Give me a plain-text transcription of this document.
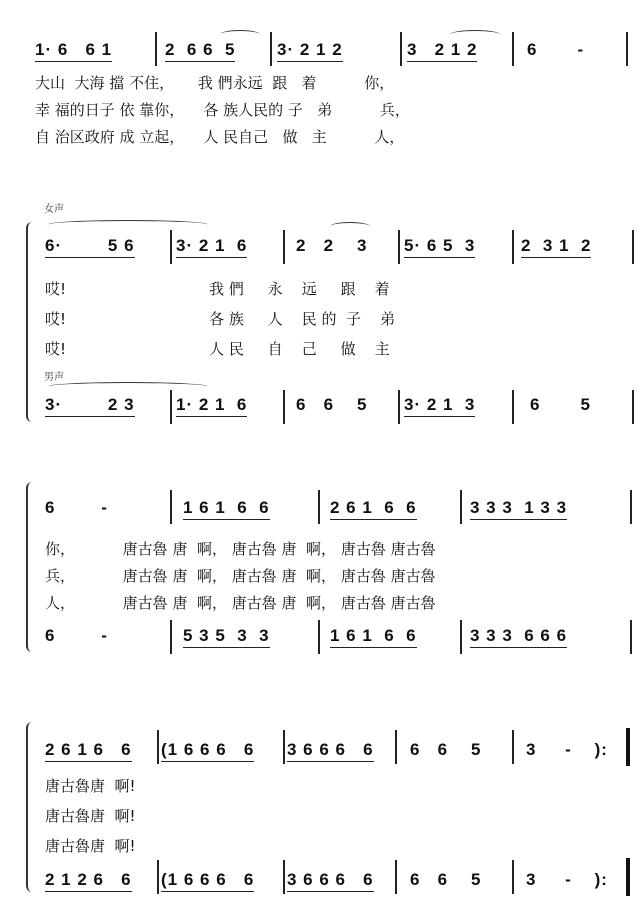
1· 6   6 1	2  6 6  5 3· 2 1 2	3   2 1 2	6       -
大山  大海 擋 不住，     我 們永远  跟   着          你，
幸 福的日子 依 靠你，    各 族人民的 子   弟          兵，
自 治区政府 成 立起，    人 民自己   做   主          人，
女声
6·        5 6 3· 2 1  6	2   2    3 5· 6 5  3	2  3 1  2
哎!                              我 們     永    远     跟    着
哎!                              各 族     人    民 的  子    弟
哎!                              人 民     自    己     做    主
男声
3·        2 3 1· 2 1  6	6   6    5 3· 2 1  3	6       5
6        -	1 6 1  6  6	2 6 1  6  6	3 3 3  1 3 3
你，          唐古魯 唐  啊， 唐古魯 唐  啊， 唐古魯 唐古魯
兵，          唐古魯 唐  啊， 唐古魯 唐  啊， 唐古魯 唐古魯
人，          唐古魯 唐  啊， 唐古魯 唐  啊， 唐古魯 唐古魯
6        -	5 3 5  3  3	1 6 1  6  6	3 3 3  6 6 6
2 6 1 6   6 (1 6 6 6   6 3 6 6 6   6 6   6    5	3     -    ):
唐古魯唐  啊!
唐古魯唐  啊!
唐古魯唐  啊!
2 1 2 6   6 (1 6 6 6   6 3 6 6 6   6 6   6    5	3     -    ):
